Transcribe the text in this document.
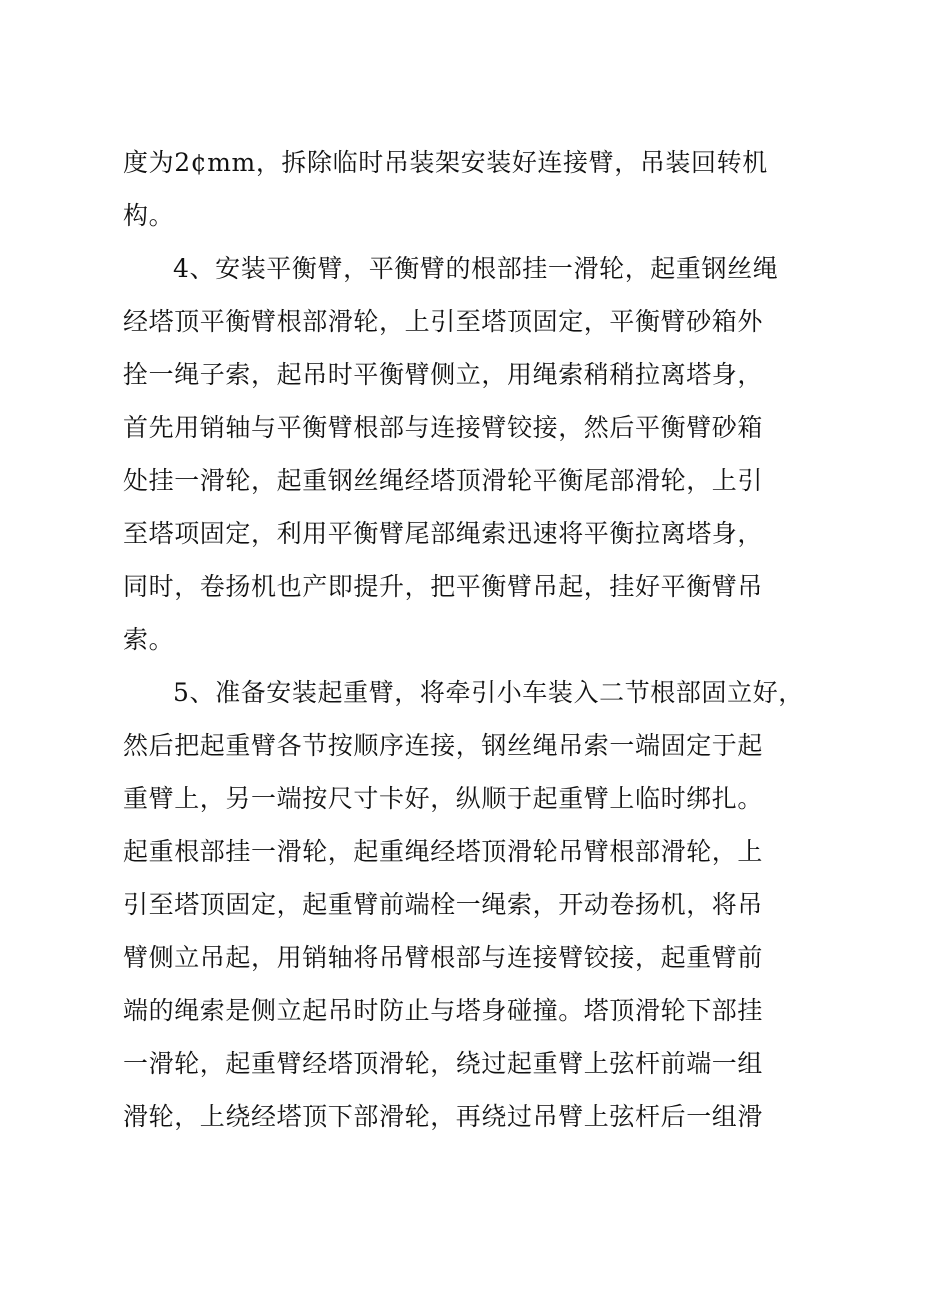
度为2¢mm，拆除临时吊装架安装好连接臂，吊装回转机
构。
4、安装平衡臂，平衡臂的根部挂一滑轮，起重钢丝绳
经塔顶平衡臂根部滑轮，上引至塔顶固定，平衡臂砂箱外
拴一绳子索，起吊时平衡臂侧立，用绳索稍稍拉离塔身，
首先用销轴与平衡臂根部与连接臂铰接，然后平衡臂砂箱
处挂一滑轮，起重钢丝绳经塔顶滑轮平衡尾部滑轮，上引
至塔项固定，利用平衡臂尾部绳索迅速将平衡拉离塔身，
同时，卷扬机也产即提升，把平衡臂吊起，挂好平衡臂吊
索。
5、准备安装起重臂，将牵引小车装入二节根部固立好，
然后把起重臂各节按顺序连接，钢丝绳吊索一端固定于起
重臂上，另一端按尺寸卡好，纵顺于起重臂上临时绑扎。
起重根部挂一滑轮，起重绳经塔顶滑轮吊臂根部滑轮，上
引至塔顶固定，起重臂前端栓一绳索，开动卷扬机，将吊
臂侧立吊起，用销轴将吊臂根部与连接臂铰接，起重臂前
端的绳索是侧立起吊时防止与塔身碰撞。塔顶滑轮下部挂
一滑轮，起重臂经塔顶滑轮，绕过起重臂上弦杆前端一组
滑轮，上绕经塔顶下部滑轮，再绕过吊臂上弦杆后一组滑
